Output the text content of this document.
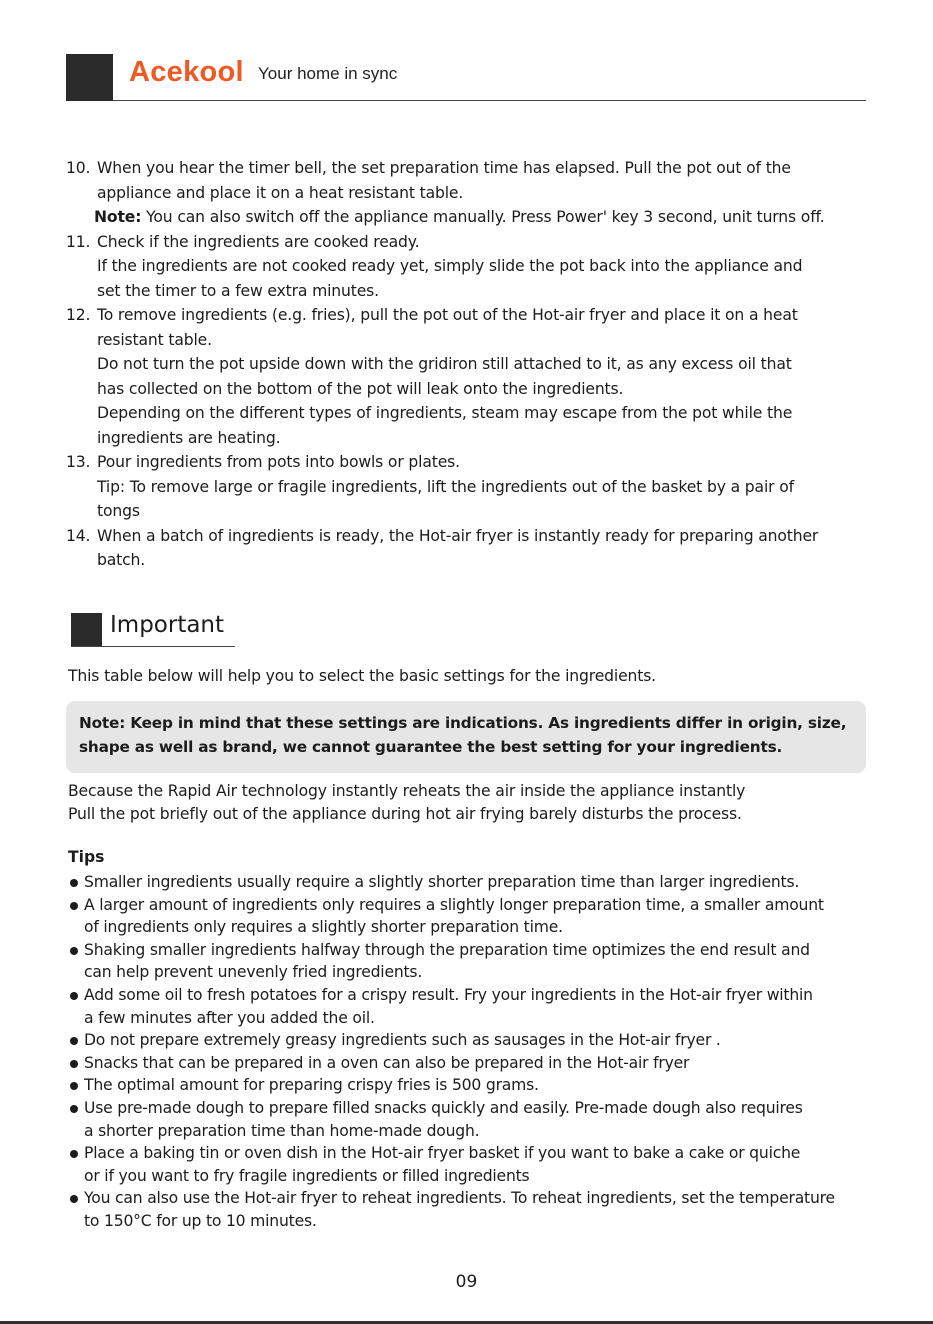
Acekool Your home in sync
10. When you hear the timer bell, the set preparation time has elapsed. Pull the pot out of the
appliance and place it on a heat resistant table.
Note: You can also switch off the appliance manually. Press Power' key 3 second, unit turns off.
11. Check if the ingredients are cooked ready.
If the ingredients are not cooked ready yet, simply slide the pot back into the appliance and
set the timer to a few extra minutes.
12. To remove ingredients (e.g. fries), pull the pot out of the Hot-air fryer and place it on a heat
resistant table.
Do not turn the pot upside down with the gridiron still attached to it, as any excess oil that
has collected on the bottom of the pot will leak onto the ingredients.
Depending on the different types of ingredients, steam may escape from the pot while the
ingredients are heating.
13. Pour ingredients from pots into bowls or plates.
Tip: To remove large or fragile ingredients, lift the ingredients out of the basket by a pair of
tongs
14. When a batch of ingredients is ready, the Hot-air fryer is instantly ready for preparing another
batch.
Important
This table below will help you to select the basic settings for the ingredients.
Note: Keep in mind that these settings are indications. As ingredients differ in origin, size,
shape as well as brand, we cannot guarantee the best setting for your ingredients.
Because the Rapid Air technology instantly reheats the air inside the appliance instantly
Pull the pot briefly out of the appliance during hot air frying barely disturbs the process.
Tips
Smaller ingredients usually require a slightly shorter preparation time than larger ingredients.
A larger amount of ingredients only requires a slightly longer preparation time, a smaller amount
of ingredients only requires a slightly shorter preparation time.
Shaking smaller ingredients halfway through the preparation time optimizes the end result and
can help prevent unevenly fried ingredients.
Add some oil to fresh potatoes for a crispy result. Fry your ingredients in the Hot-air fryer within
a few minutes after you added the oil.
Do not prepare extremely greasy ingredients such as sausages in the Hot-air fryer .
Snacks that can be prepared in a oven can also be prepared in the Hot-air fryer
The optimal amount for preparing crispy fries is 500 grams.
Use pre-made dough to prepare filled snacks quickly and easily. Pre-made dough also requires
a shorter preparation time than home-made dough.
Place a baking tin or oven dish in the Hot-air fryer basket if you want to bake a cake or quiche
or if you want to fry fragile ingredients or filled ingredients
You can also use the Hot-air fryer to reheat ingredients. To reheat ingredients, set the temperature
to 150°C for up to 10 minutes.
09
